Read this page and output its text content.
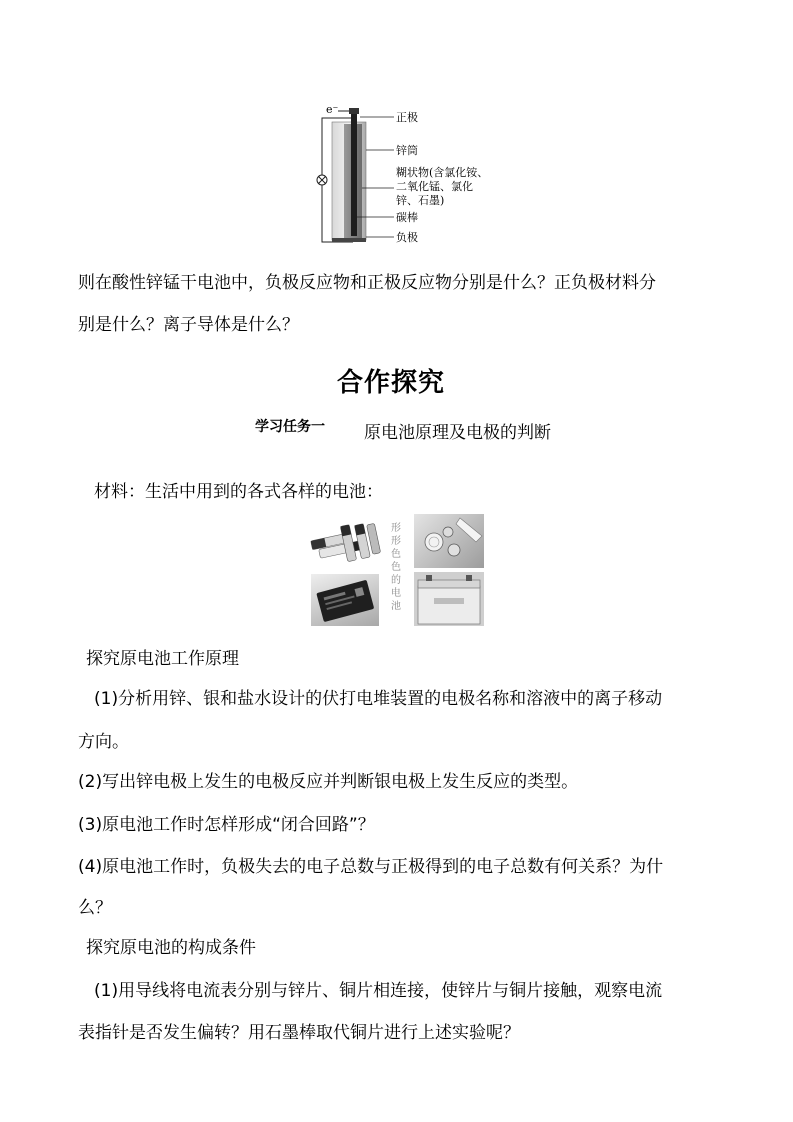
e⁻
正极
锌筒
糊状物(含氯化铵、
二氧化锰、氯化
锌、石墨)
碳棒
负极
则在酸性锌锰干电池中，负极反应物和正极反应物分别是什么？正负极材料分
别是什么？离子导体是什么？
合作探究
学习任务一 原电池原理及电极的判断
材料：生活中用到的各式各样的电池：
形
形
色
色
的
电
池
探究原电池工作原理
(1)分析用锌、银和盐水设计的伏打电堆装置的电极名称和溶液中的离子移动
方向。
(2)写出锌电极上发生的电极反应并判断银电极上发生反应的类型。
(3)原电池工作时怎样形成“闭合回路”？
(4)原电池工作时，负极失去的电子总数与正极得到的电子总数有何关系？为什
么？
探究原电池的构成条件
(1)用导线将电流表分别与锌片、铜片相连接，使锌片与铜片接触，观察电流
表指针是否发生偏转？用石墨棒取代铜片进行上述实验呢？
